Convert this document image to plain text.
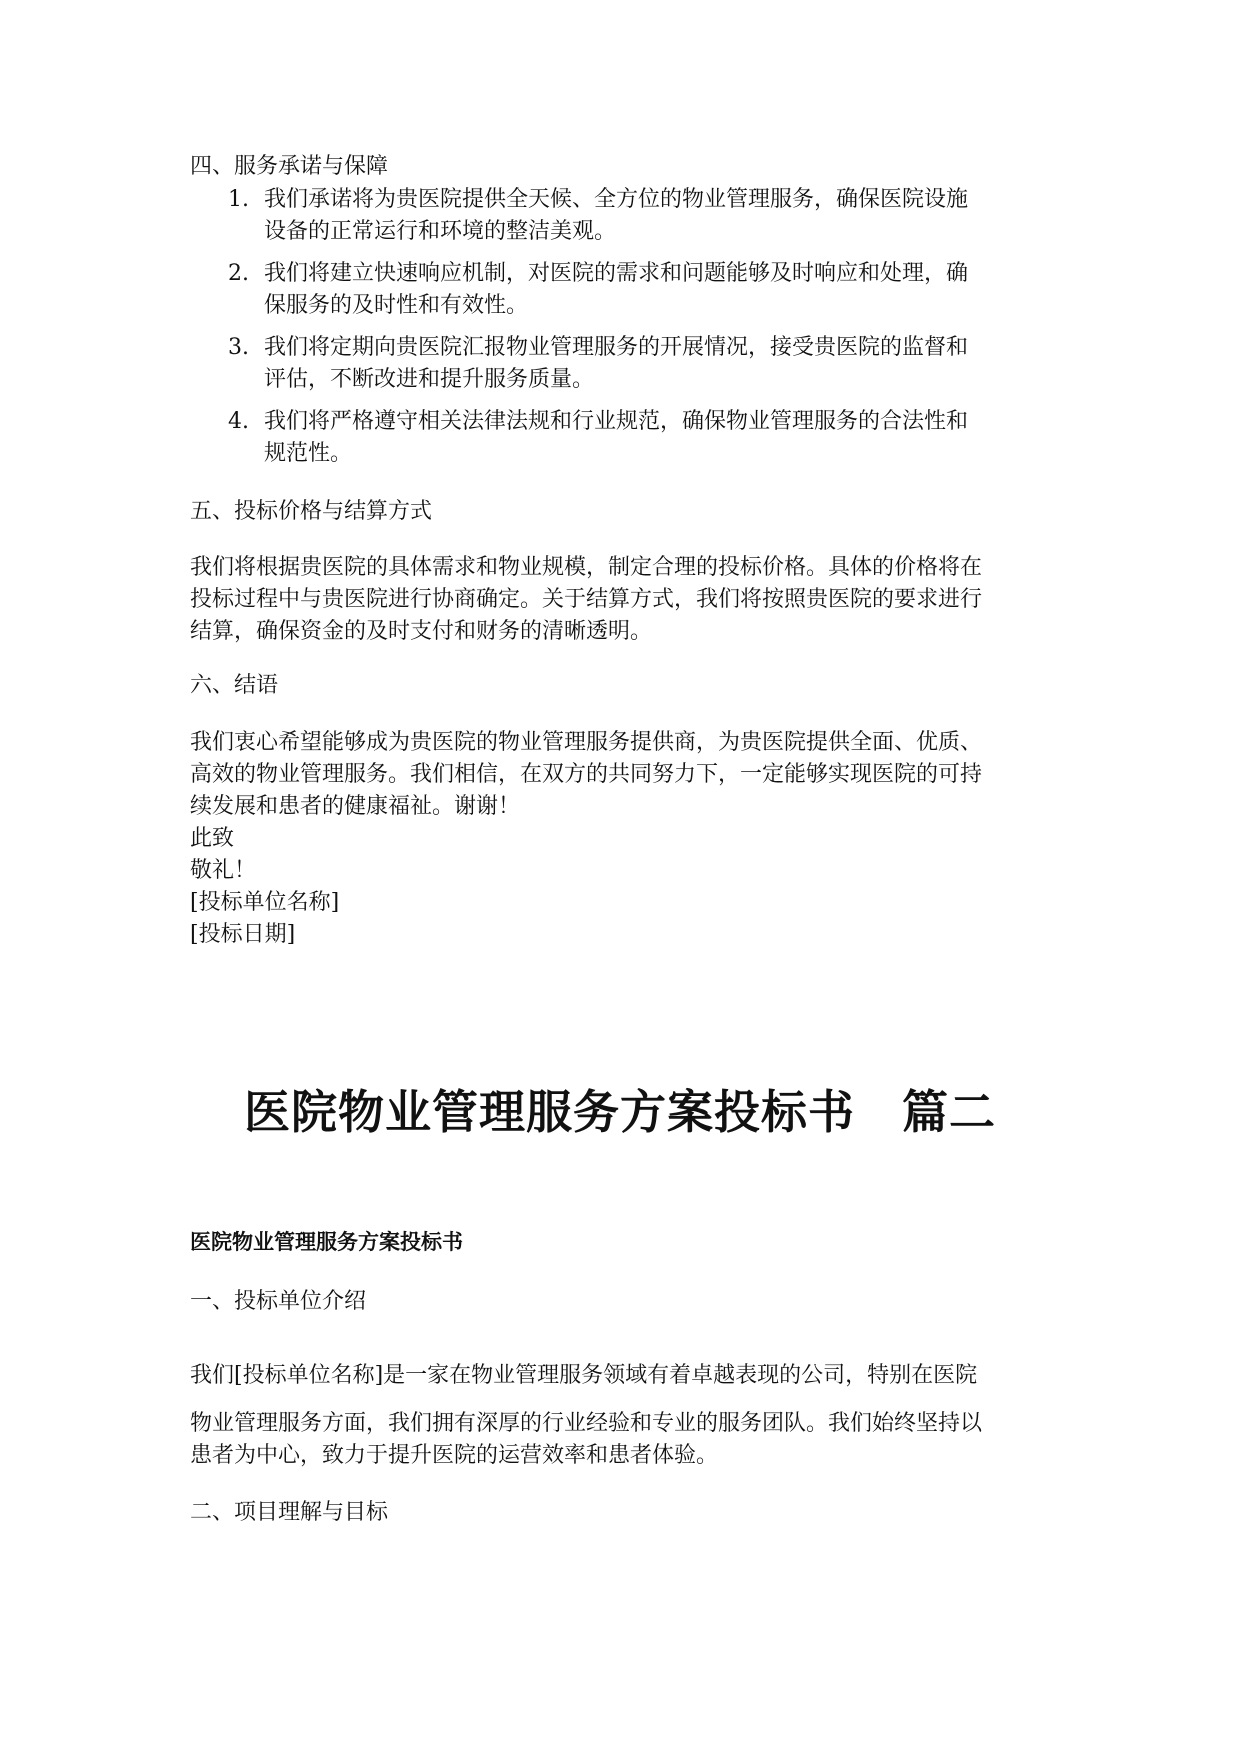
四、服务承诺与保障
1. 我们承诺将为贵医院提供全天候、全方位的物业管理服务，确保医院设施
设备的正常运行和环境的整洁美观。
2. 我们将建立快速响应机制，对医院的需求和问题能够及时响应和处理，确
保服务的及时性和有效性。
3. 我们将定期向贵医院汇报物业管理服务的开展情况，接受贵医院的监督和
评估，不断改进和提升服务质量。
4. 我们将严格遵守相关法律法规和行业规范，确保物业管理服务的合法性和
规范性。
五、投标价格与结算方式
我们将根据贵医院的具体需求和物业规模，制定合理的投标价格。具体的价格将在
投标过程中与贵医院进行协商确定。关于结算方式，我们将按照贵医院的要求进行
结算，确保资金的及时支付和财务的清晰透明。
六、结语
我们衷心希望能够成为贵医院的物业管理服务提供商，为贵医院提供全面、优质、
高效的物业管理服务。我们相信，在双方的共同努力下，一定能够实现医院的可持
续发展和患者的健康福祉。谢谢！
此致
敬礼！
[投标单位名称]
[投标日期]
医院物业管理服务方案投标书　篇二
医院物业管理服务方案投标书
一、投标单位介绍
我们[投标单位名称]是一家在物业管理服务领域有着卓越表现的公司，特别在医院
物业管理服务方面，我们拥有深厚的行业经验和专业的服务团队。我们始终坚持以
患者为中心，致力于提升医院的运营效率和患者体验。
二、项目理解与目标
